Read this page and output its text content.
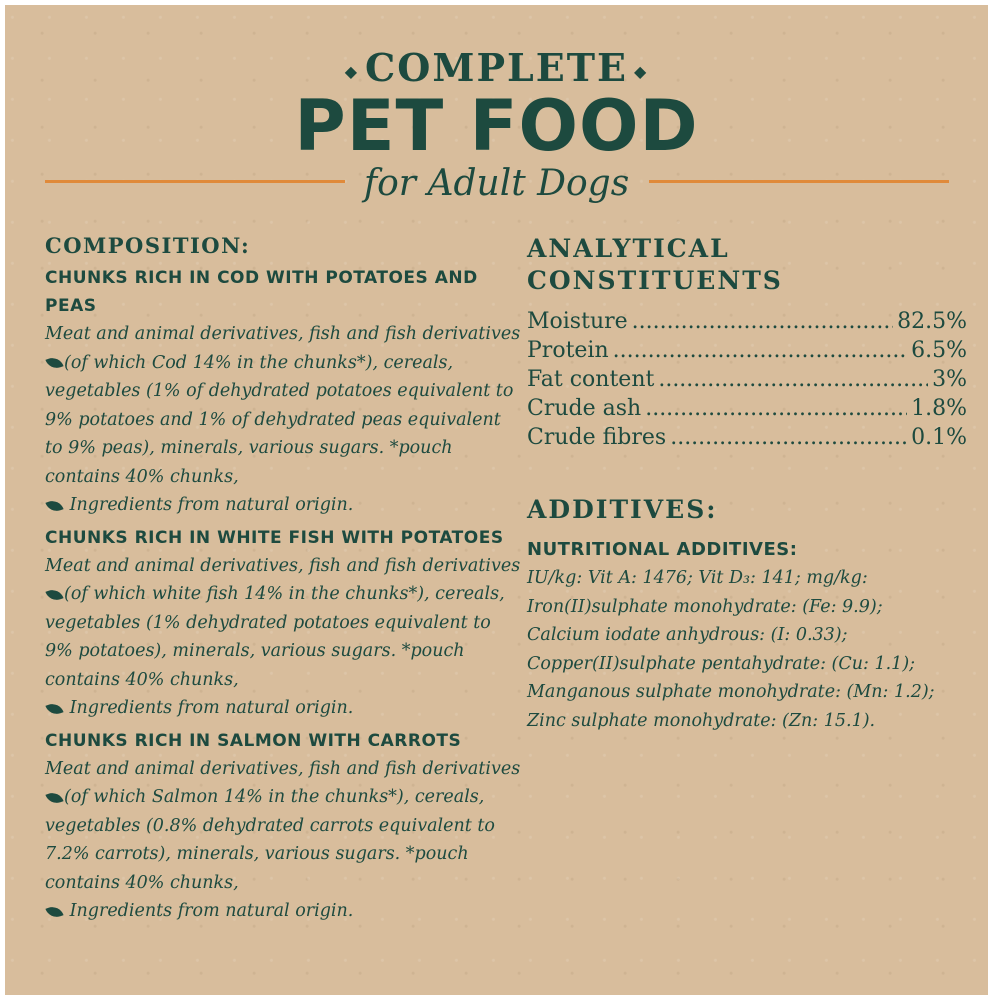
◆ COMPLETE ◆
PET FOOD
for Adult Dogs
COMPOSITION:
CHUNKS RICH IN COD WITH POTATOES AND PEAS

Meat and animal derivatives, fish and fish derivatives (of which Cod 14% in the chunks*), cereals, vegetables (1% of dehydrated potatoes equivalent to 9% potatoes and 1% of dehydrated peas equivalent to 9% peas), minerals, various sugars. *pouch contains 40% chunks,
Ingredients from natural origin.

CHUNKS RICH IN WHITE FISH WITH POTATOES

Meat and animal derivatives, fish and fish derivatives (of which white fish 14% in the chunks*), cereals, vegetables (1% dehydrated potatoes equivalent to 9% potatoes), minerals, various sugars. *pouch contains 40% chunks,
Ingredients from natural origin.

CHUNKS RICH IN SALMON WITH CARROTS

Meat and animal derivatives, fish and fish derivatives (of which Salmon 14% in the chunks*), cereals, vegetables (0.8% dehydrated carrots equivalent to 7.2% carrots), minerals, various sugars. *pouch contains 40% chunks,
Ingredients from natural origin.

ANALYTICAL
CONSTITUENTS
Moisture .....	82.5%
Protein .....	6.5%
Fat content .....	3%
Crude ash .....	1.8%
Crude fibres .....	0.1%
ADDITIVES:
NUTRITIONAL ADDITIVES:

IU/kg: Vit A: 1476; Vit D₃: 141; mg/kg: Iron(II)sulphate monohydrate: (Fe: 9.9); Calcium iodate anhydrous: (I: 0.33); Copper(II)sulphate pentahydrate: (Cu: 1.1); Manganous sulphate monohydrate: (Mn: 1.2); Zinc sulphate monohydrate: (Zn: 15.1).
